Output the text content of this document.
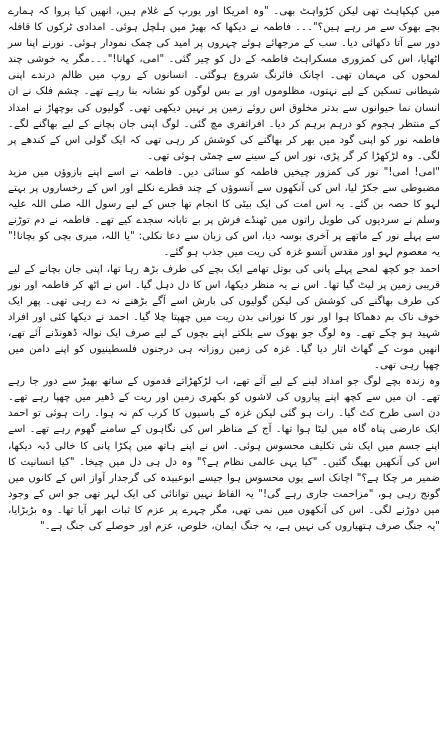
میں کپکپاہٹ تھی لیکن کڑواہٹ بھی۔ "وہ امریکا اور یورپ کے غلام ہیں، انھیں کیا پروا کہ ہمارے بچے بھوک سے مر رہے ہیں؟"۔۔۔ فاطمہ نے دیکھا کہ بھیڑ میں ہلچل ہوئی۔ امدادی ٹرکوں کا قافلہ دور سے آتا دکھائی دیا۔ سب کے مرجھائے ہوئے چہروں پر امید کی چمک نمودار ہوئی۔ نورنے اپنا سر اٹھایا، اس کی کمزوری مسکراہٹ فاطمہ کے دل کو چیر گئی۔ "امی، کھانا!"۔۔۔مگر یہ خوشی چند لمحوں کی مہمان تھی۔ اچانک فائرنگ شروع ہوگئی۔ انسانوں کے روپ میں ظالم درندے اپنی شیطانی تسکین کے لیے نہتوں، مظلوموں اور بے بس لوگوں کو نشانہ بنا رہے تھے۔ چشم فلک نے ان انسان نما حیوانوں سے بدتر مخلوق اس روئے زمین پر نہیں دیکھی تھی۔ گولیوں کی بوچھاڑ نے امداد کے منتظر ہجوم کو درہم برہم کر دیا۔ افراتفری مچ گئی۔ لوگ اپنی جان بچانے کے لیے بھاگنے لگے۔ فاطمہ نور کو اپنی گود میں بھر کر بھاگنے کی کوشش کر رہی تھی کہ ایک گولی اس کے کندھے پر لگی۔ وہ لڑکھڑا کر گر پڑی، نور اس کے سینے سے چمٹی ہوئی تھی۔

"امی! امی!" نور کی کمزور چیخیں فاطمہ کو سنائی دیں۔ فاطمہ نے اسے اپنے بازوؤں میں مزید مضبوطی سے جکڑ لیا، اس کی آنکھوں سے آنسوؤں کے چند قطرے نکلے اور اس کے رخساروں پر بہتے لہو کا حصہ بن گئے۔ یہ اس امت کی ایک بیٹی کا انجام تھا جس کے لیے رسول اللہ صلی اللہ علیہ وسلم نے سردیوں کی طویل راتوں میں ٹھنڈے فرش پر بے تابانہ سجدے کیے تھے۔ فاطمہ نے دم توڑنے سے پہلے نور کے ماتھے پر آخری بوسہ دیا، اس کی زبان سے دعا نکلی: "یا اللہ، میری بچی کو بچانا!" یہ معصوم لہو اور مقدس آنسو غزہ کی ریت میں جذب ہو گئے۔

احمد جو کچھ لمحے پہلے پانی کی بوتل تھامے ایک بچے کی طرف بڑھ رہا تھا، اپنی جان بچانے کے لیے قریبی زمین پر لیٹ گیا تھا۔ اس نے یہ منظر دیکھا، اس کا دل دہل گیا۔ اس نے اٹھ کر فاطمہ اور نور کی طرف بھاگنے کی کوشش کی لیکن گولیوں کی بارش اسے آگے بڑھنے نہ دے رہی تھی۔ پھر ایک خوف ناک بم دھماکا ہوا اور نور کا نورانی بدن ریت میں چھپتا چلا گیا۔ احمد نے دیکھا کئی اور افراد شہید ہو چکے تھے۔ وہ لوگ جو بھوک سے بلکتے اپنے بچوں کے لیے صرف ایک نوالہ ڈھونڈنے آئے تھے، انھیں موت کے گھاٹ اتار دیا گیا۔ غزہ کی زمین روزانہ ہی درجنوں فلسطینیوں کو اپنے دامن میں چھپا رہی تھی۔

وہ زندہ بچے لوگ جو امداد لینے کے لیے آئے تھے، اب لڑکھڑاتے قدموں کے ساتھ بھیڑ سے دور جا رہے تھے۔ ان میں سے کچھ اپنے پیاروں کی لاشوں کو بکھری زمین اور ریت کے ڈھیر میں چھپا رہے تھے۔ دن اسی طرح کٹ گیا۔ رات ہو گئی لیکن غزہ کے باسیوں کا کرب کم نہ ہوا۔ رات ہوئی تو احمد ایک عارضی پناہ گاہ میں لیٹا ہوا تھا۔ آج کے مناظر اس کی نگاہوں کے سامنے گھوم رہے تھے۔ اسے اپنے جسم میں ایک نئی تکلیف محسوس ہوئی۔ اس نے اپنے ہاتھ میں پکڑا پانی کا خالی ڈبہ دیکھا، اس کی آنکھیں بھیگ گئیں۔ "کیا یہی عالمی نظام ہے؟" وہ دل ہی دل میں چیخا۔ "کیا انسانیت کا ضمیر مر چکا ہے؟" اچانک اسے یوں محسوس ہوا جیسے ابوعبیدہ کی گرجدار آواز اس کے کانوں میں گونج رہی ہو، "مزاحمت جاری رہے گی!" یہ الفاظ نہیں توانائی کی ایک لہر تھی جو اس کے وجود میں دوڑنے لگی۔ اس کی آنکھوں میں نمی تھی، مگر چہرے پر عزم کا ثبات ابھر آیا تھا۔ وہ بڑبڑایا، "یہ جنگ صرف ہتھیاروں کی نہیں ہے، یہ جنگ ایمان، خلوص، عزم اور حوصلے کی جنگ ہے۔"
